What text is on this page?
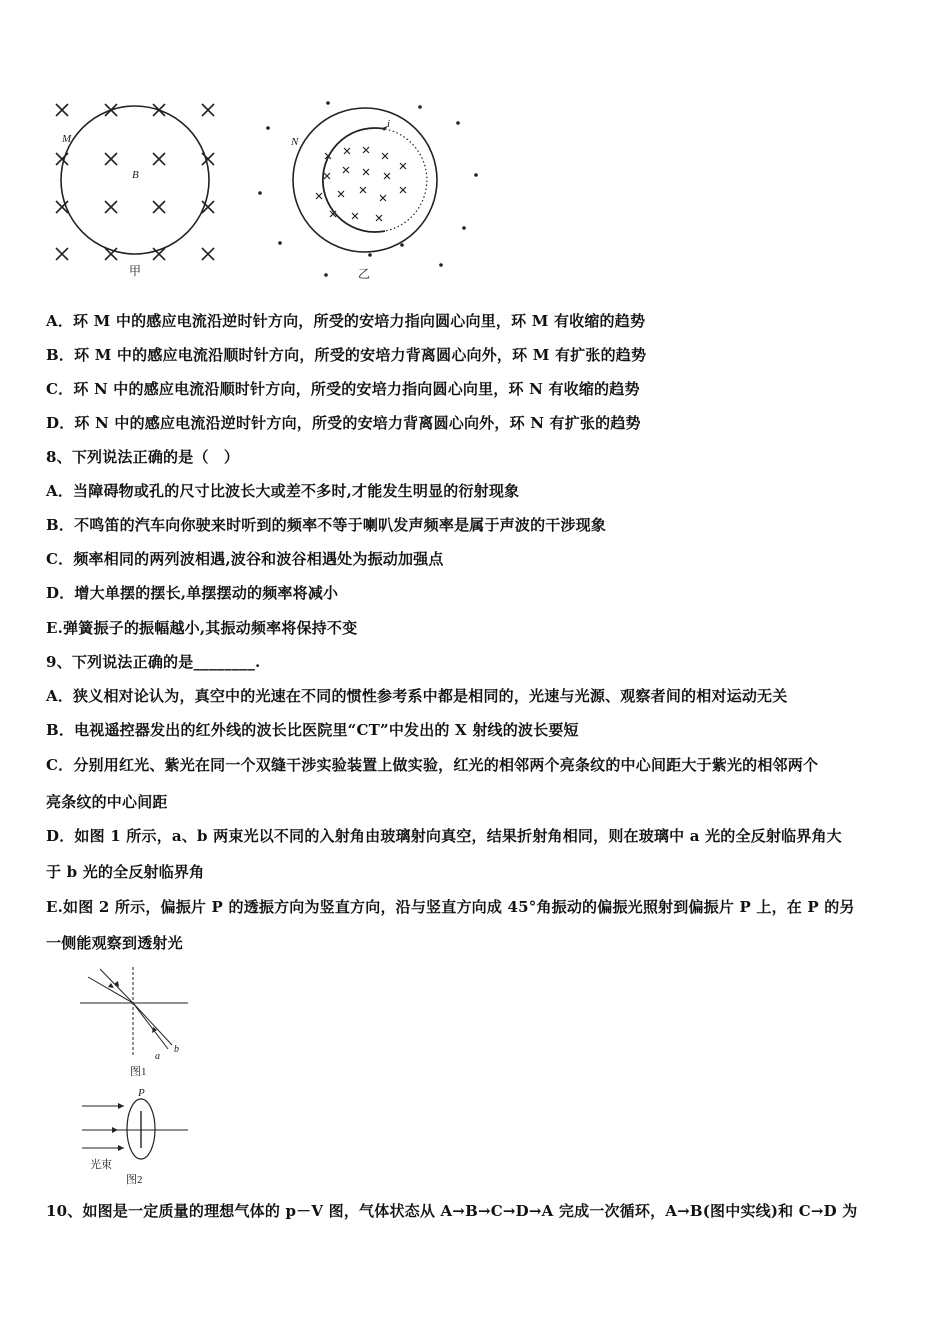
M
B
甲
N
i
乙
A．环 M 中的感应电流沿逆时针方向，所受的安培力指向圆心向里，环 M 有收缩的趋势
B．环 M 中的感应电流沿顺时针方向，所受的安培力背离圆心向外，环 M 有扩张的趋势
C．环 N 中的感应电流沿顺时针方向，所受的安培力指向圆心向里，环 N 有收缩的趋势
D．环 N 中的感应电流沿逆时针方向，所受的安培力背离圆心向外，环 N 有扩张的趋势
8、下列说法正确的是（　）
A．当障碍物或孔的尺寸比波长大或差不多时,才能发生明显的衍射现象
B．不鸣笛的汽车向你驶来时听到的频率不等于喇叭发声频率是属于声波的干涉现象
C．频率相同的两列波相遇,波谷和波谷相遇处为振动加强点
D．增大单摆的摆长,单摆摆动的频率将减小
E.弹簧振子的振幅越小,其振动频率将保持不变
9、下列说法正确的是________.
A．狭义相对论认为，真空中的光速在不同的惯性参考系中都是相同的，光速与光源、观察者间的相对运动无关
B．电视遥控器发出的红外线的波长比医院里“CT”中发出的 X 射线的波长要短
C．分别用红光、紫光在同一个双缝干涉实验装置上做实验，红光的相邻两个亮条纹的中心间距大于紫光的相邻两个
亮条纹的中心间距
D．如图 1 所示，a、b 两束光以不同的入射角由玻璃射向真空，结果折射角相同，则在玻璃中 a 光的全反射临界角大
于 b 光的全反射临界角
E.如图 2 所示，偏振片 P 的透振方向为竖直方向，沿与竖直方向成 45°角振动的偏振光照射到偏振片 P 上，在 P 的另
一侧能观察到透射光
a
b
图1
P
光束
图2
10、如图是一定质量的理想气体的 p－V 图，气体状态从 A→B→C→D→A 完成一次循环，A→B(图中实线)和 C→D 为
